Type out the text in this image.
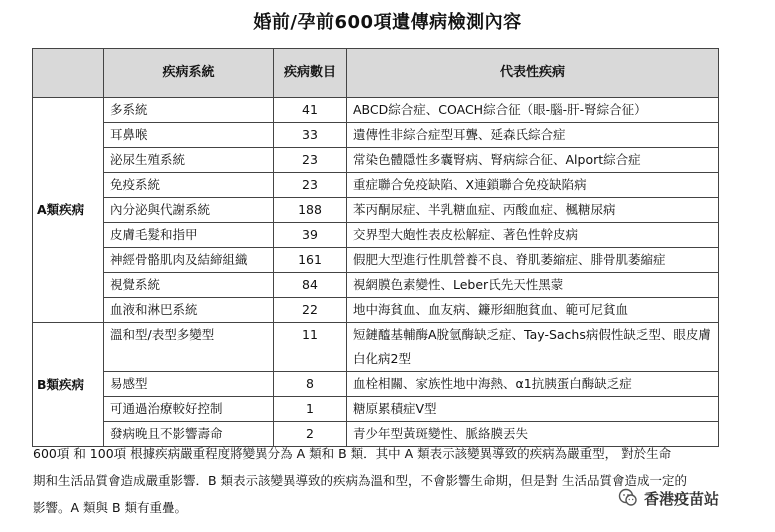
婚前/孕前600項遺傳病檢測內容
	疾病系統	疾病數目	代表性疾病
A類疾病	多系統	41	ABCD綜合症、COACH綜合征（眼-腦-肝-腎綜合征）
	耳鼻喉	33	遺傳性非綜合症型耳聾、延森氏綜合症
	泌尿生殖系統	23	常染色體隱性多囊腎病、腎病綜合征、Alport綜合症
	免疫系統	23	重症聯合免疫缺陷、X連鎖聯合免疫缺陷病
	內分泌與代謝系統	188	苯丙酮尿症、半乳糖血症、丙酸血症、楓糖尿病
	皮膚毛髮和指甲	39	交界型大皰性表皮松解症、著色性幹皮病
	神經骨骼肌肉及結締組織	161	假肥大型進行性肌營養不良、脊肌萎縮症、腓骨肌萎縮症
	視覺系統	84	視網膜色素變性、Leber氏先天性黑蒙
	血液和淋巴系統	22	地中海貧血、血友病、鐮形細胞貧血、範可尼貧血
B類疾病	溫和型/表型多變型	11	短鏈醯基輔酶A脫氫酶缺乏症、Tay-Sachs病假性缺乏型、眼皮膚白化病2型
	易感型	8	血栓相關、家族性地中海熱、α1抗胰蛋白酶缺乏症
	可通過治療較好控制	1	糖原累積症V型
	發病晚且不影響壽命	2	青少年型黃斑變性、脈絡膜丟失
600項 和 100項 根據疾病嚴重程度將變異分為 A 類和 B 類．其中 A 類表示該變異導致的疾病為嚴重型， 對於生命
期和生活品質會造成嚴重影響．B 類表示該變異導致的疾病為溫和型，不會影響生命期，但是對 生活品質會造成一定的
影響。A 類與 B 類有重疊。	香港疫苗站
